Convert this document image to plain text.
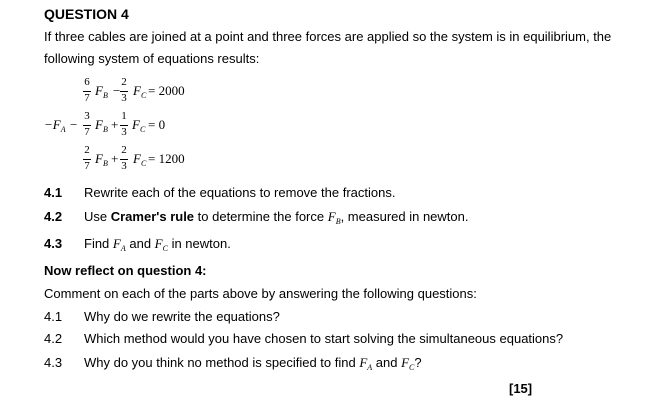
QUESTION 4
If three cables are joined at a point and three forces are applied so the system is in equilibrium, the following system of equations results:
6
7 $F_B$ −
2
3 $F_C = 2000$
$-F_A$ −
3
7 $F_B$ +
1
3 $F_C = 0$
2
7 $F_B$ +
2
3 $F_C = 1200$
4.1	Rewrite each of the equations to remove the fractions.
4.2	Use Cramer's rule to determine the force $F_B$, measured in newton.
4.3	Find $F_A$ and $F_C$ in newton.
Now reflect on question 4:
Comment on each of the parts above by answering the following questions:
4.1	Why do we rewrite the equations?
4.2	Which method would you have chosen to start solving the simultaneous equations?
4.3	Why do you think no method is specified to find $F_A$ and $F_C$?
[15]
